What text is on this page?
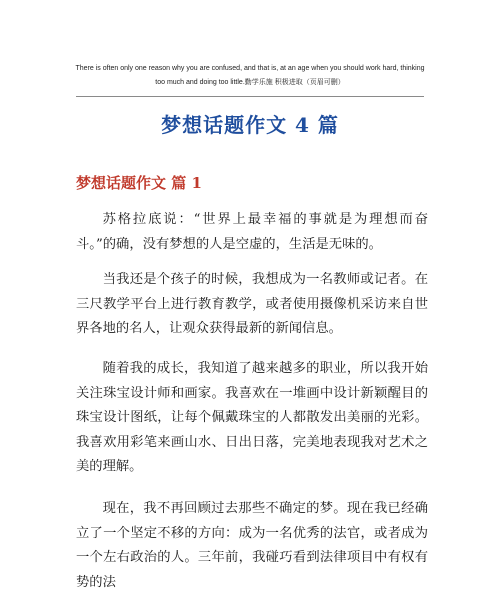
There is often only one reason why you are confused, and that is, at an age when you should work hard, thinking
too much and doing too little.勤学乐施 积极进取（页眉可删）
梦想话题作文 4 篇
梦想话题作文 篇 1

苏格拉底说：“世界上最幸福的事就是为理想而奋斗。”的确，没有梦想的人是空虚的，生活是无味的。

当我还是个孩子的时候，我想成为一名教师或记者。在三尺教学平台上进行教育教学，或者使用摄像机采访来自世界各地的名人，让观众获得最新的新闻信息。

随着我的成长，我知道了越来越多的职业，所以我开始关注珠宝设计师和画家。我喜欢在一堆画中设计新颖醒目的珠宝设计图纸，让每个佩戴珠宝的人都散发出美丽的光彩。我喜欢用彩笔来画山水、日出日落，完美地表现我对艺术之美的理解。

现在，我不再回顾过去那些不确定的梦。现在我已经确立了一个坚定不移的方向：成为一名优秀的法官，或者成为一个左右政治的人。三年前，我碰巧看到法律项目中有权有势的法
